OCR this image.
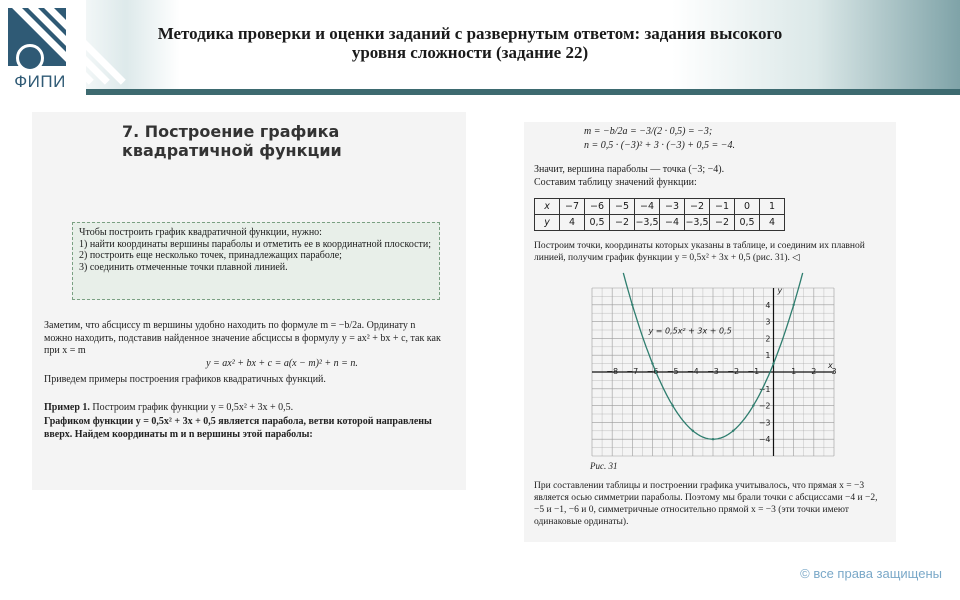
ФИПИ
Методика проверки и оценки заданий с развернутым ответом: задания высокого уровня сложности (задание 22)
7. Построение графика квадратичной функции
Чтобы построить график квадратичной функции, нужно:
1) найти координаты вершины параболы и отметить ее в координатной плоскости;
2) построить еще несколько точек, принадлежащих параболе;
3) соединить отмеченные точки плавной линией.
Заметим, что абсциссу m вершины удобно находить по формуле m = −b/2a. Ординату n можно находить, подставив найденное значение абсциссы в формулу y = ax² + bx + c, так как при x = m
y = ax² + bx + c = a(x − m)² + n = n.
Приведем примеры построения графиков квадратичных функций.
Пример 1. Построим график функции y = 0,5x² + 3x + 0,5.
Графиком функции y = 0,5x² + 3x + 0,5 является парабола, ветви которой направлены вверх. Найдем координаты m и n вершины этой параболы:
m = −b/2a = −3/(2 · 0,5) = −3;
n = 0,5 · (−3)² + 3 · (−3) + 0,5 = −4.
Значит, вершина параболы — точка (−3; −4).
Составим таблицу значений функции:
x	−7	−6	−5	−4	−3	−2	−1	0	1
y	4	0,5	−2	−3,5	−4	−3,5	−2	0,5	4
Построим точки, координаты которых указаны в таблице, и соединим их плавной линией, получим график функции y = 0,5x² + 3x + 0,5 (рис. 31). ◁
−8 −7 −6 −5 −4 −3 −2 −1	1 2 3
−4
−3
−2
−1
1
2
3
4
y = 0,5x² + 3x + 0,5
x
y
Рис. 31
При составлении таблицы и построении графика учитывалось, что прямая x = −3 является осью симметрии параболы. Поэтому мы брали точки с абсциссами −4 и −2, −5 и −1, −6 и 0, симметричные относительно прямой x = −3 (эти точки имеют одинаковые ординаты).
© все права защищены
